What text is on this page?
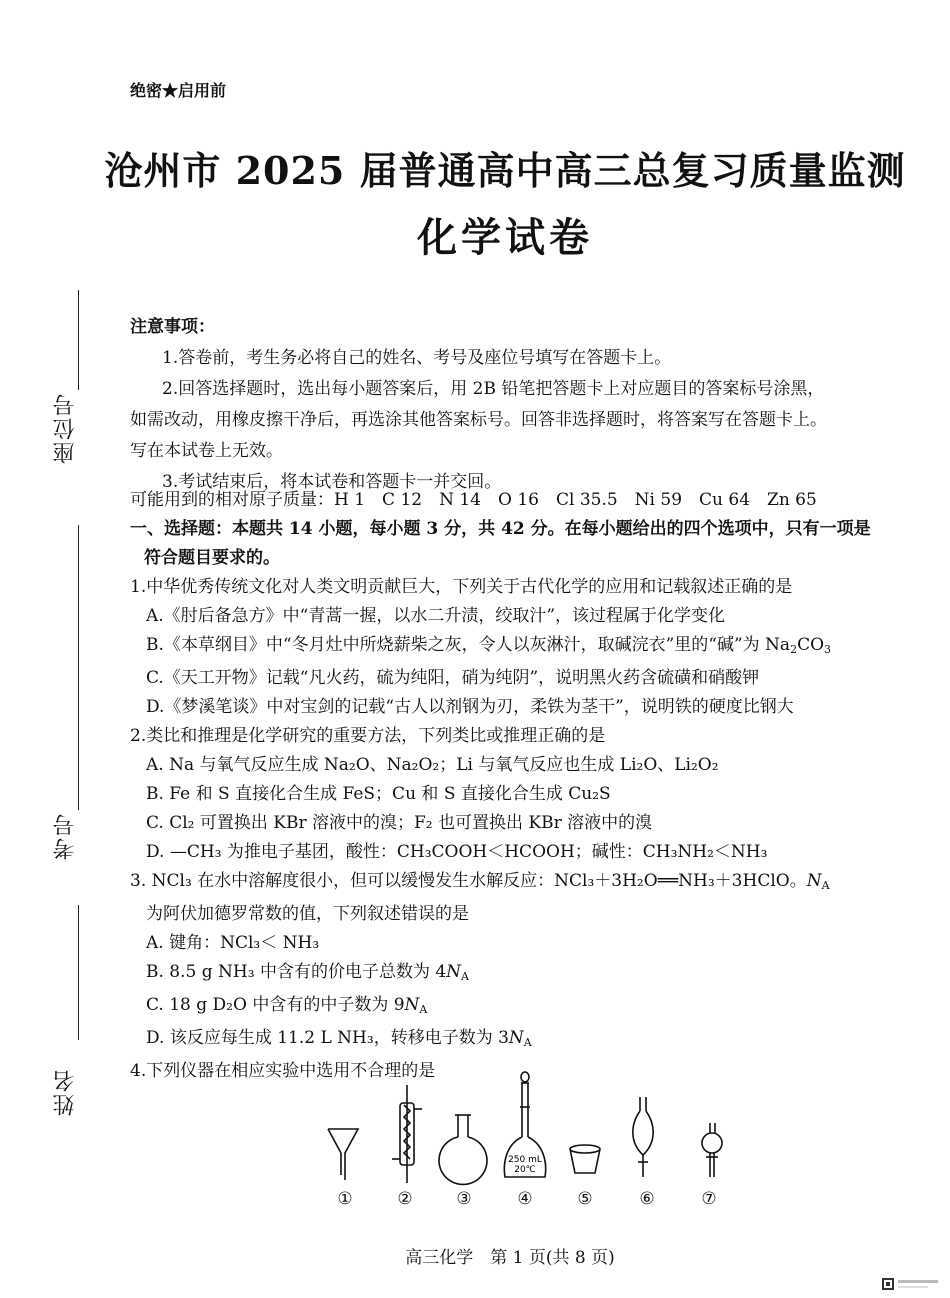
绝密★启用前
沧州市 2025 届普通高中高三总复习质量监测
化学试卷
座位号
考号
姓名
注意事项：
1.答卷前，考生务必将自己的姓名、考号及座位号填写在答题卡上。
2.回答选择题时，选出每小题答案后，用 2B 铅笔把答题卡上对应题目的答案标号涂黑，
如需改动，用橡皮擦干净后，再选涂其他答案标号。回答非选择题时，将答案写在答题卡上。
写在本试卷上无效。
3.考试结束后，将本试卷和答题卡一并交回。
可能用到的相对原子质量：H 1　C 12　N 14　O 16　Cl 35.5　Ni 59　Cu 64　Zn 65
一、选择题：本题共 14 小题，每小题 3 分，共 42 分。在每小题给出的四个选项中，只有一项是
符合题目要求的。
1.中华优秀传统文化对人类文明贡献巨大，下列关于古代化学的应用和记载叙述正确的是
A.《肘后备急方》中“青蒿一握，以水二升渍，绞取汁”，该过程属于化学变化
B.《本草纲目》中“冬月灶中所烧薪柴之灰，令人以灰淋汁，取碱浣衣”里的“碱”为 $Na_2CO_3$
C.《天工开物》记载“凡火药，硫为纯阳，硝为纯阴”，说明黑火药含硫磺和硝酸钾
D.《梦溪笔谈》中对宝剑的记载“古人以剂钢为刃，柔铁为茎干”，说明铁的硬度比钢大
2.类比和推理是化学研究的重要方法，下列类比或推理正确的是
A. Na 与氧气反应生成 Na₂O、Na₂O₂；Li 与氧气反应也生成 Li₂O、Li₂O₂
B. Fe 和 S 直接化合生成 FeS；Cu 和 S 直接化合生成 Cu₂S
C. Cl₂ 可置换出 KBr 溶液中的溴；F₂ 也可置换出 KBr 溶液中的溴
D. —CH₃ 为推电子基团，酸性：CH₃COOH＜HCOOH；碱性：CH₃NH₂＜NH₃
3. NCl₃ 在水中溶解度很小，但可以缓慢发生水解反应：NCl₃＋3H₂O══NH₃＋3HClO。$N_A$
为阿伏加德罗常数的值，下列叙述错误的是
A. 键角：NCl₃＜ NH₃
B. 8.5 g NH₃ 中含有的价电子总数为 $4N_A$
C. 18 g D₂O 中含有的中子数为 $9N_A$
D. 该反应每生成 11.2 L NH₃，转移电子数为 $3N_A$
4.下列仪器在相应实验中选用不合理的是
250 mL
20℃
①	②	③	④	⑤	⑥	⑦
高三化学　第 1 页(共 8 页)
